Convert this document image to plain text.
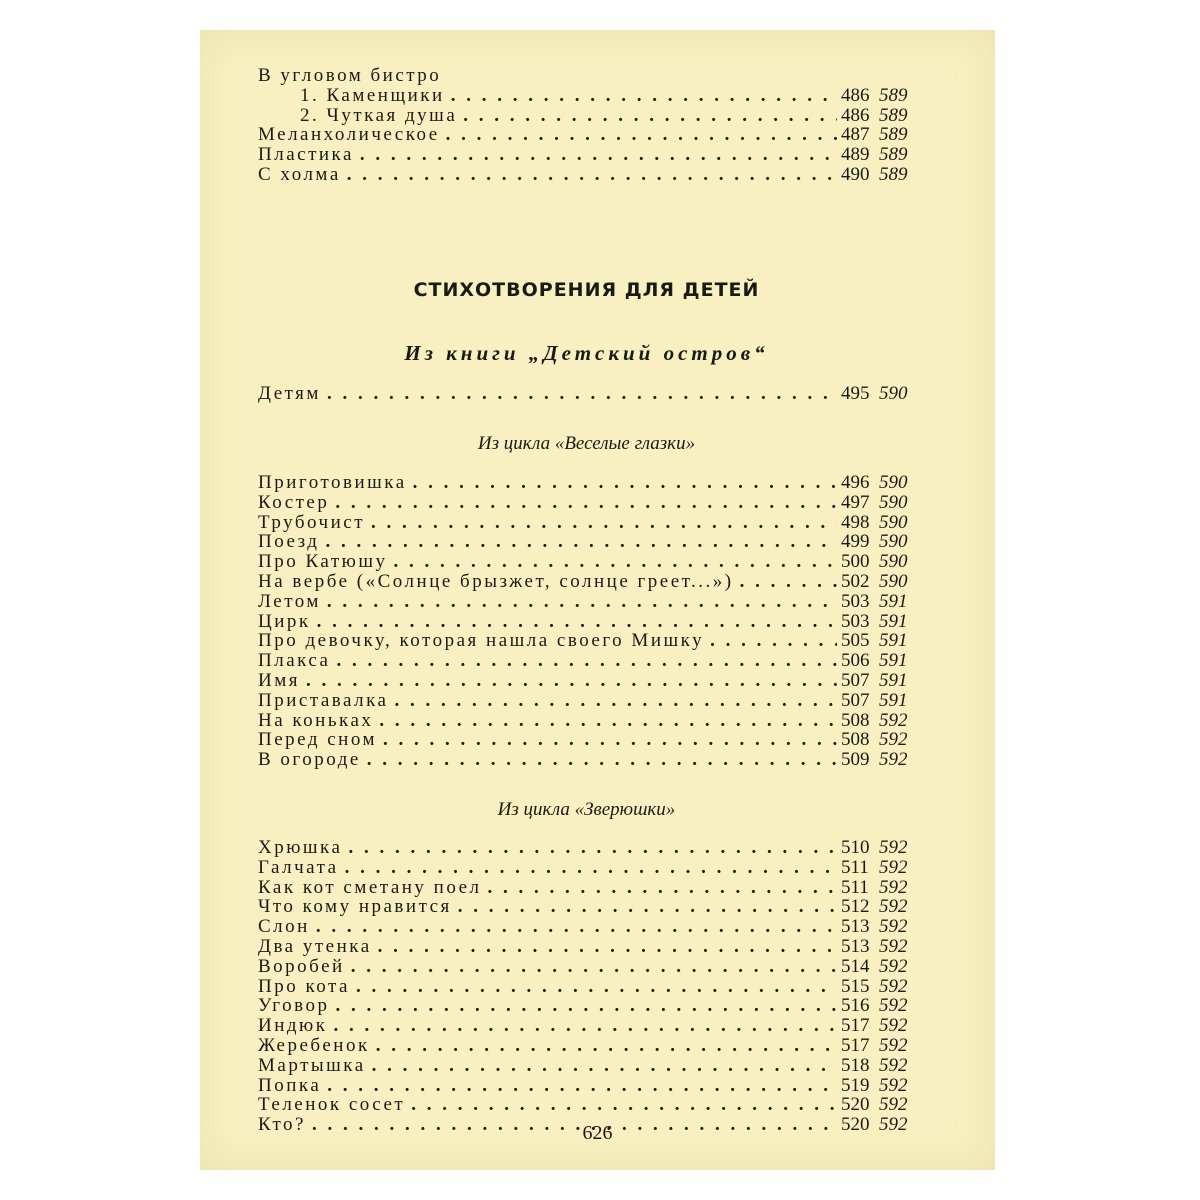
В угловом бистро
1. Каменщики . . .	486 589
2. Чуткая душа . . .	486 589
Меланхолическое . . .	487 589
Пластика . . .	489 589
С холма . . .	490 589
СТИХОТВОРЕНИЯ ДЛЯ ДЕТЕЙ
Из книги „Детский остров“
Детям . . .	495 590
Из цикла «Веселые глазки»
Приготовишка . . .	496 590
Костер . . .	497 590
Трубочист . . .	498 590
Поезд . . .	499 590
Про Катюшу . . .	500 590
На вербе («Солнце брызжет, солнце греет...») . . .	502 590
Летом . . .	503 591
Цирк . . .	503 591
Про девочку, которая нашла своего Мишку . . .	505 591
Плакса . . .	506 591
Имя . . .	507 591
Приставалка . . .	507 591
На коньках . . .	508 592
Перед сном . . .	508 592
В огороде . . .	509 592
Из цикла «Зверюшки»
Хрюшка . . .	510 592
Галчата . . .	511 592
Как кот сметану поел . . .	511 592
Что кому нравится . . .	512 592
Слон . . .	513 592
Два утенка . . .	513 592
Воробей . . .	514 592
Про кота . . .	515 592
Уговор . . .	516 592
Индюк . . .	517 592
Жеребенок . . .	517 592
Мартышка . . .	518 592
Попка . . .	519 592
Теленок сосет . . .	520 592
Кто? . . .	520 592
626
